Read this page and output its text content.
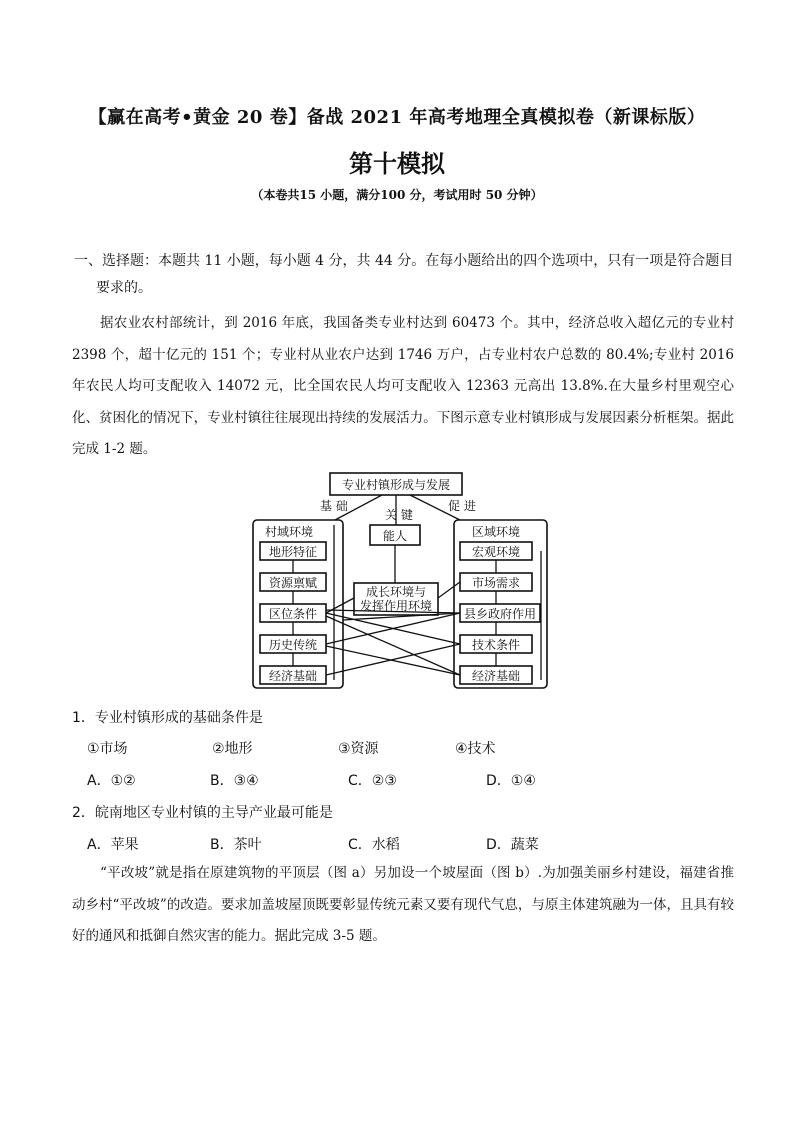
【赢在高考•黄金 20 卷】备战 2021 年高考地理全真模拟卷（新课标版）
第十模拟
（本卷共15 小题，满分100 分，考试用时 50 分钟）
一、选择题：本题共 11 小题，每小题 4 分，共 44 分。在每小题给出的四个选项中，只有一项是符合题目
要求的。
据农业农村部统计，到 2016 年底，我国备类专业村达到 60473 个。其中，经济总收入超亿元的专业村 2398 个，超十亿元的 151 个；专业村从业农户达到 1746 万户，占专业村农户总数的 80.4%;专业村 2016 年农民人均可支配收入 14072 元，比全国农民人均可支配收入 12363 元高出 13.8%.在大量乡村里观空心化、贫困化的情况下，专业村镇往往展现出持续的发展活力。下图示意专业村镇形成与发展因素分析框架。据此完成 1-2 题。
专业村镇形成与发展
基 础
关 键
促 进
村域环境
地形特征
资源禀赋
区位条件
历史传统
经济基础
能人
成长环境与
发挥作用环境
区域环境
宏观环境
市场需求
县乡政府作用
技术条件
经济基础
1．专业村镇形成的基础条件是
①市场	②地形	③资源	④技术
A．①②	B．③④	C．②③	D．①④
2．皖南地区专业村镇的主导产业最可能是
A．苹果	B．茶叶	C．水稻	D．蔬菜
“平改坡”就是指在原建筑物的平顶层（图 a）另加设一个坡屋面（图 b）.为加强美丽乡村建设，福建省推动乡村“平改坡”的改造。要求加盖坡屋顶既要彰显传统元素又要有现代气息，与原主体建筑融为一体，且具有较好的通风和抵御自然灾害的能力。据此完成 3-5 题。
